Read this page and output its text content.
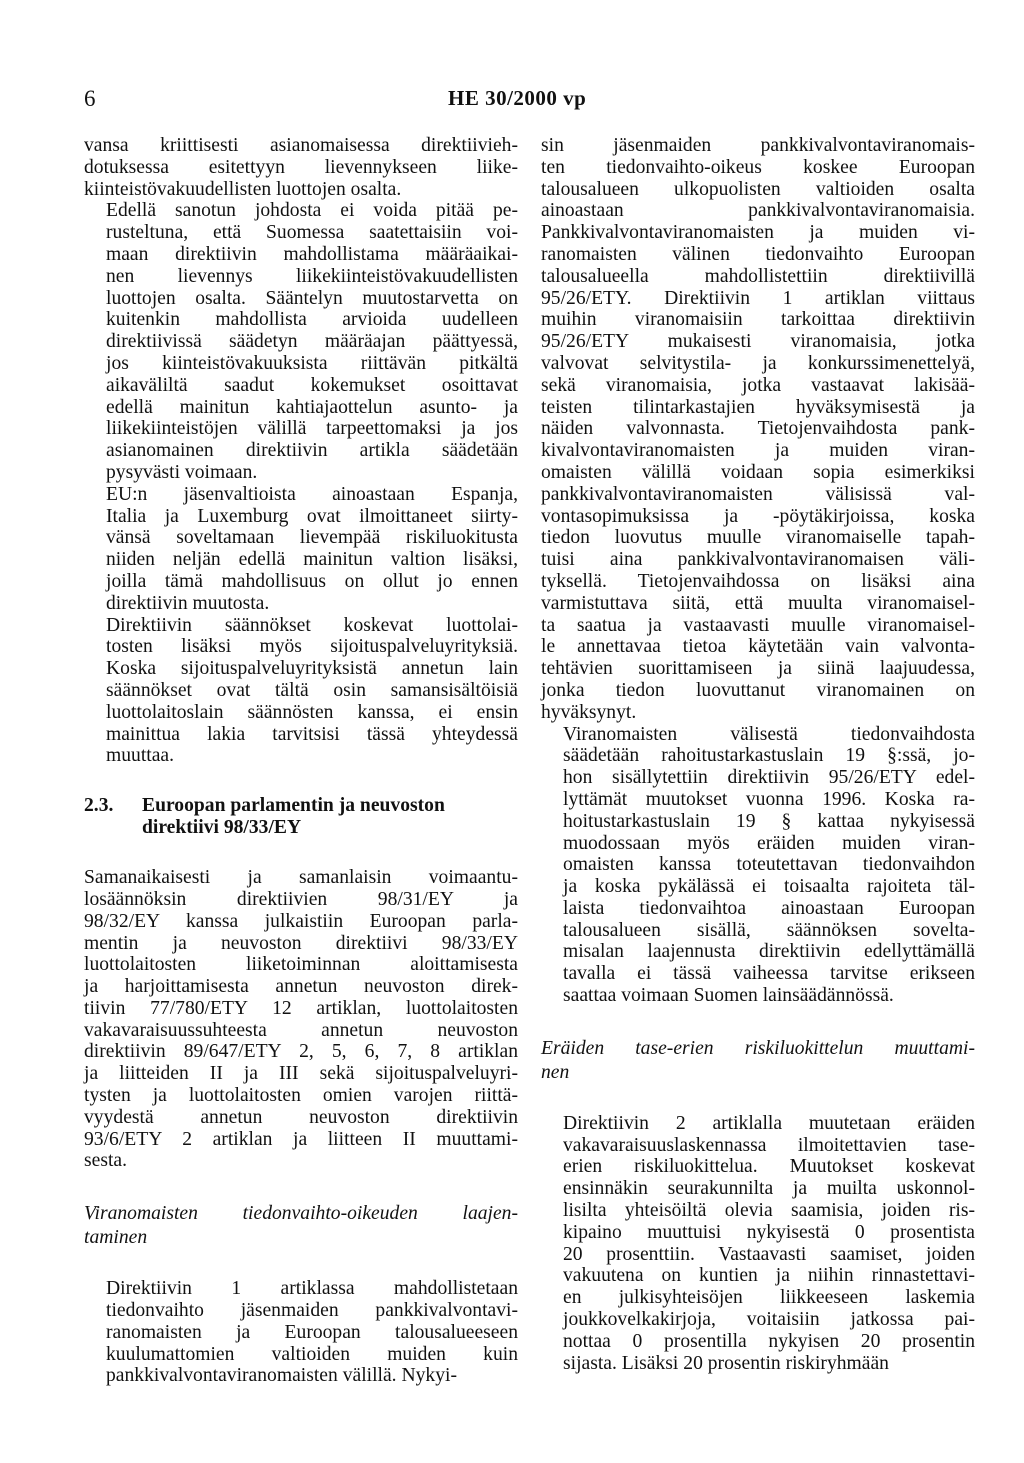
6	HE 30/2000 vp

vansa kriittisesti asianomaisessa direktiivieh-
dotuksessa esitettyyn lievennykseen liike-
kiinteistövakuudellisten luottojen osalta.

Edellä sanotun johdosta ei voida pitää pe-
rusteltuna, että Suomessa saatettaisiin voi-
maan direktiivin mahdollistama määräaikai-
nen lievennys liikekiinteistövakuudellisten
luottojen osalta. Sääntelyn muutostarvetta on
kuitenkin mahdollista arvioida uudelleen
direktiivissä säädetyn määräajan päättyessä,
jos kiinteistövakuuksista riittävän pitkältä
aikaväliltä saadut kokemukset osoittavat
edellä mainitun kahtiajaottelun asunto- ja
liikekiinteistöjen välillä tarpeettomaksi ja jos
asianomainen direktiivin artikla säädetään
pysyvästi voimaan.

EU:n jäsenvaltioista ainoastaan Espanja,
Italia ja Luxemburg ovat ilmoittaneet siirty-
vänsä soveltamaan lievempää riskiluokitusta
niiden neljän edellä mainitun valtion lisäksi,
joilla tämä mahdollisuus on ollut jo ennen
direktiivin muutosta.

Direktiivin säännökset koskevat luottolai-
tosten lisäksi myös sijoituspalveluyrityksiä.
Koska sijoituspalveluyrityksistä annetun lain
säännökset ovat tältä osin samansisältöisiä
luottolaitoslain säännösten kanssa, ei ensin
mainittua lakia tarvitsisi tässä yhteydessä
muuttaa.

2.3.	Euroopan parlamentin ja neuvoston
direktiivi 98/33/EY

Samanaikaisesti ja samanlaisin voimaantu-
losäännöksin direktiivien 98/31/EY ja
98/32/EY kanssa julkaistiin Euroopan parla-
mentin ja neuvoston direktiivi 98/33/EY
luottolaitosten liiketoiminnan aloittamisesta
ja harjoittamisesta annetun neuvoston direk-
tiivin 77/780/ETY 12 artiklan, luottolaitosten
vakavaraisuussuhteesta annetun neuvoston
direktiivin 89/647/ETY 2, 5, 6, 7, 8 artiklan
ja liitteiden II ja III sekä sijoituspalveluyri-
tysten ja luottolaitosten omien varojen riittä-
vyydestä annetun neuvoston direktiivin
93/6/ETY 2 artiklan ja liitteen II muuttami-
sesta.

Viranomaisten tiedonvaihto-oikeuden laajen-
taminen

Direktiivin 1 artiklassa mahdollistetaan
tiedonvaihto jäsenmaiden pankkivalvontavi-
ranomaisten ja Euroopan talousalueeseen
kuulumattomien valtioiden muiden kuin
pankkivalvontaviranomaisten välillä. Nykyi-

sin jäsenmaiden pankkivalvontaviranomais-
ten tiedonvaihto-oikeus koskee Euroopan
talousalueen ulkopuolisten valtioiden osalta
ainoastaan pankkivalvontaviranomaisia.
Pankkivalvontaviranomaisten ja muiden vi-
ranomaisten välinen tiedonvaihto Euroopan
talousalueella mahdollistettiin direktiivillä
95/26/ETY. Direktiivin 1 artiklan viittaus
muihin viranomaisiin tarkoittaa direktiivin
95/26/ETY mukaisesti viranomaisia, jotka
valvovat selvitystila- ja konkurssimenettelyä,
sekä viranomaisia, jotka vastaavat lakisää-
teisten tilintarkastajien hyväksymisestä ja
näiden valvonnasta. Tietojenvaihdosta pank-
kivalvontaviranomaisten ja muiden viran-
omaisten välillä voidaan sopia esimerkiksi
pankkivalvontaviranomaisten välisissä val-
vontasopimuksissa ja -pöytäkirjoissa, koska
tiedon luovutus muulle viranomaiselle tapah-
tuisi aina pankkivalvontaviranomaisen väli-
tyksellä. Tietojenvaihdossa on lisäksi aina
varmistuttava siitä, että muulta viranomaisel-
ta saatua ja vastaavasti muulle viranomaisel-
le annettavaa tietoa käytetään vain valvonta-
tehtävien suorittamiseen ja siinä laajuudessa,
jonka tiedon luovuttanut viranomainen on
hyväksynyt.

Viranomaisten välisestä tiedonvaihdosta
säädetään rahoitustarkastuslain 19 §:ssä, jo-
hon sisällytettiin direktiivin 95/26/ETY edel-
lyttämät muutokset vuonna 1996. Koska ra-
hoitustarkastuslain 19 § kattaa nykyisessä
muodossaan myös eräiden muiden viran-
omaisten kanssa toteutettavan tiedonvaihdon
ja koska pykälässä ei toisaalta rajoiteta täl-
laista tiedonvaihtoa ainoastaan Euroopan
talousalueen sisällä, säännöksen sovelta-
misalan laajennusta direktiivin edellyttämällä
tavalla ei tässä vaiheessa tarvitse erikseen
saattaa voimaan Suomen lainsäädännössä.

Eräiden tase-erien riskiluokittelun muuttami-
nen

Direktiivin 2 artiklalla muutetaan eräiden
vakavaraisuuslaskennassa ilmoitettavien tase-
erien riskiluokittelua. Muutokset koskevat
ensinnäkin seurakunnilta ja muilta uskonnol-
lisilta yhteisöiltä olevia saamisia, joiden ris-
kipaino muuttuisi nykyisestä 0 prosentista
20 prosenttiin. Vastaavasti saamiset, joiden
vakuutena on kuntien ja niihin rinnastettavi-
en julkisyhteisöjen liikkeeseen laskemia
joukkovelkakirjoja, voitaisiin jatkossa pai-
nottaa 0 prosentilla nykyisen 20 prosentin
sijasta. Lisäksi 20 prosentin riskiryhmään
